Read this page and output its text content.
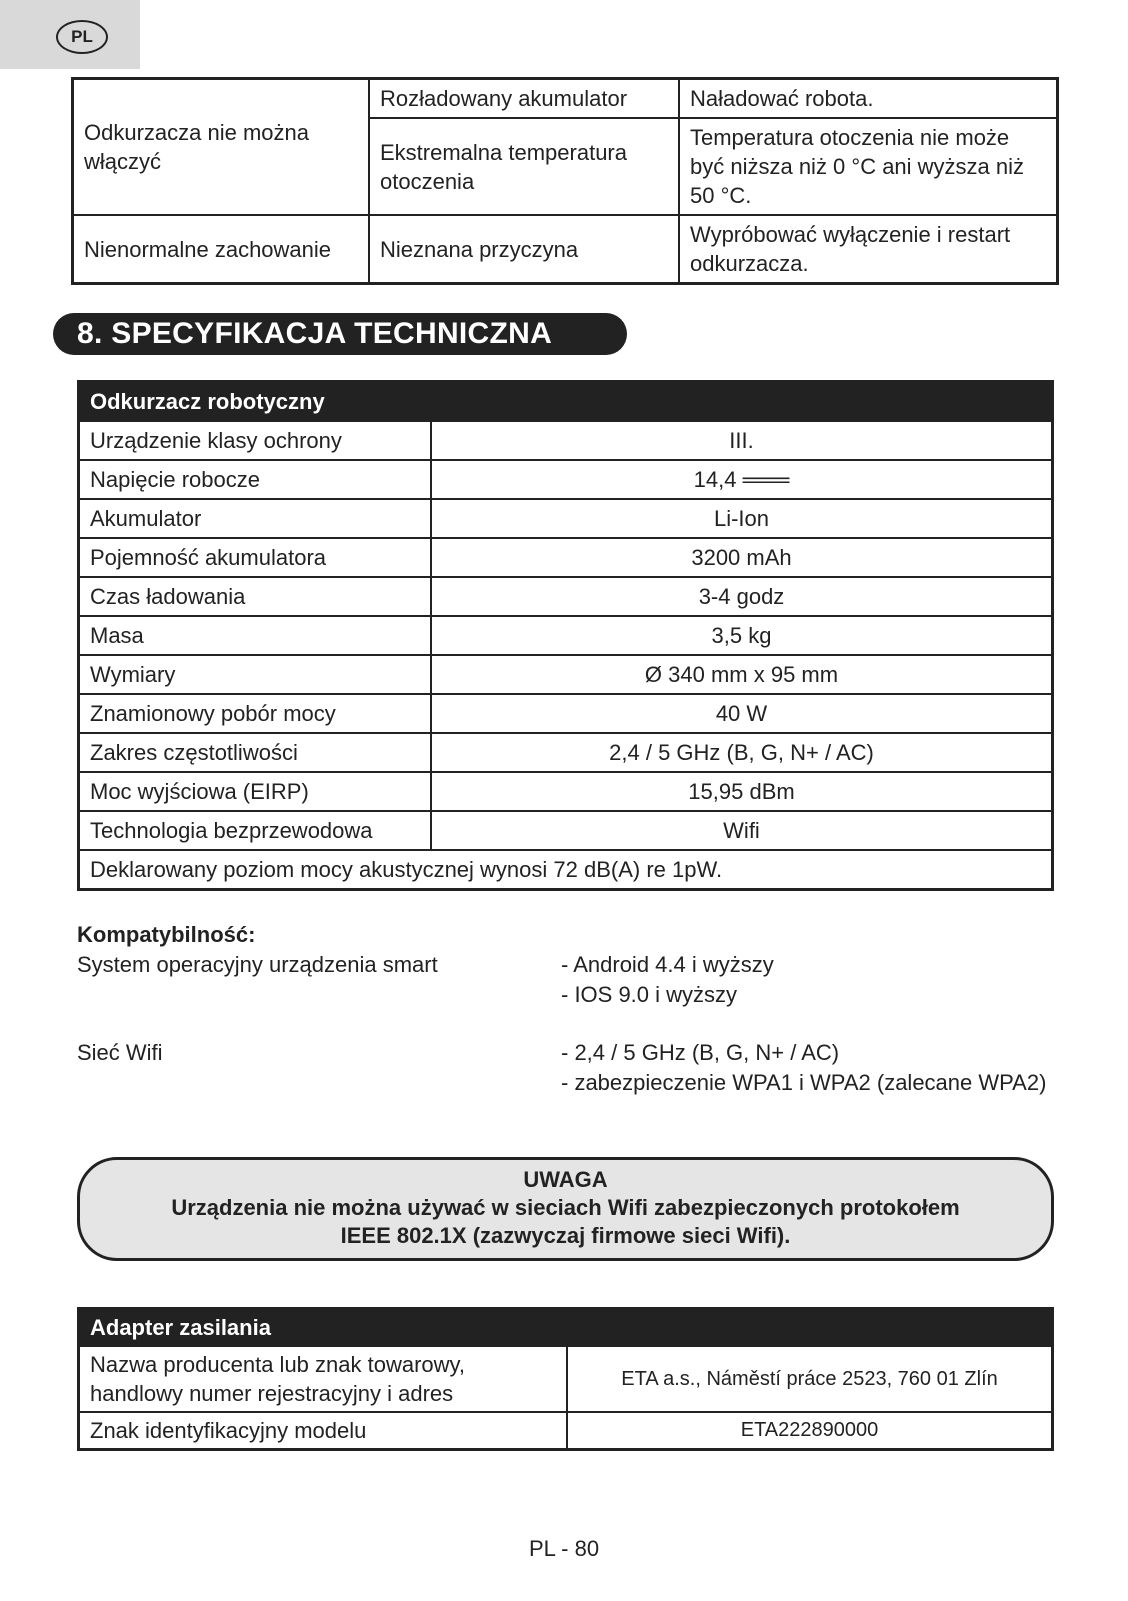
PL
Odkurzacza nie można włączyć	Rozładowany akumulator	Naładować robota.
	Ekstremalna temperatura otoczenia	Temperatura otoczenia nie może być niższa niż 0 °C ani wyższa niż 50 °C.
Nienormalne zachowanie	Nieznana przyczyna	Wypróbować wyłączenie i restart odkurzacza.
8. SPECYFIKACJA TECHNICZNA
Odkurzacz robotyczny	
Urządzenie klasy ochrony	III.
Napięcie robocze	14,4 ═══
Akumulator	Li-Ion
Pojemność akumulatora	3200 mAh
Czas ładowania	3-4 godz
Masa	3,5 kg
Wymiary	Ø 340 mm x 95 mm
Znamionowy pobór mocy	40 W
Zakres częstotliwości	2,4 / 5 GHz (B, G, N+ / AC)
Moc wyjściowa (EIRP)	15,95 dBm
Technologia bezprzewodowa	Wifi
Deklarowany poziom mocy akustycznej wynosi 72 dB(A) re 1pW.	
Kompatybilność:
System operacyjny urządzenia smart	- Android 4.4 i wyższy
- IOS 9.0 i wyższy
Sieć Wifi	- 2,4 / 5 GHz (B, G, N+ / AC)
- zabezpieczenie WPA1 i WPA2 (zalecane WPA2)
UWAGA
Urządzenia nie można używać w sieciach Wifi zabezpieczonych protokołem
IEEE 802.1X (zazwyczaj firmowe sieci Wifi).
Adapter zasilania	
Nazwa producenta lub znak towarowy, handlowy numer rejestracyjny i adres	ETA a.s., Náměstí práce 2523, 760 01 Zlín
Znak identyfikacyjny modelu	ETA222890000
PL - 80
